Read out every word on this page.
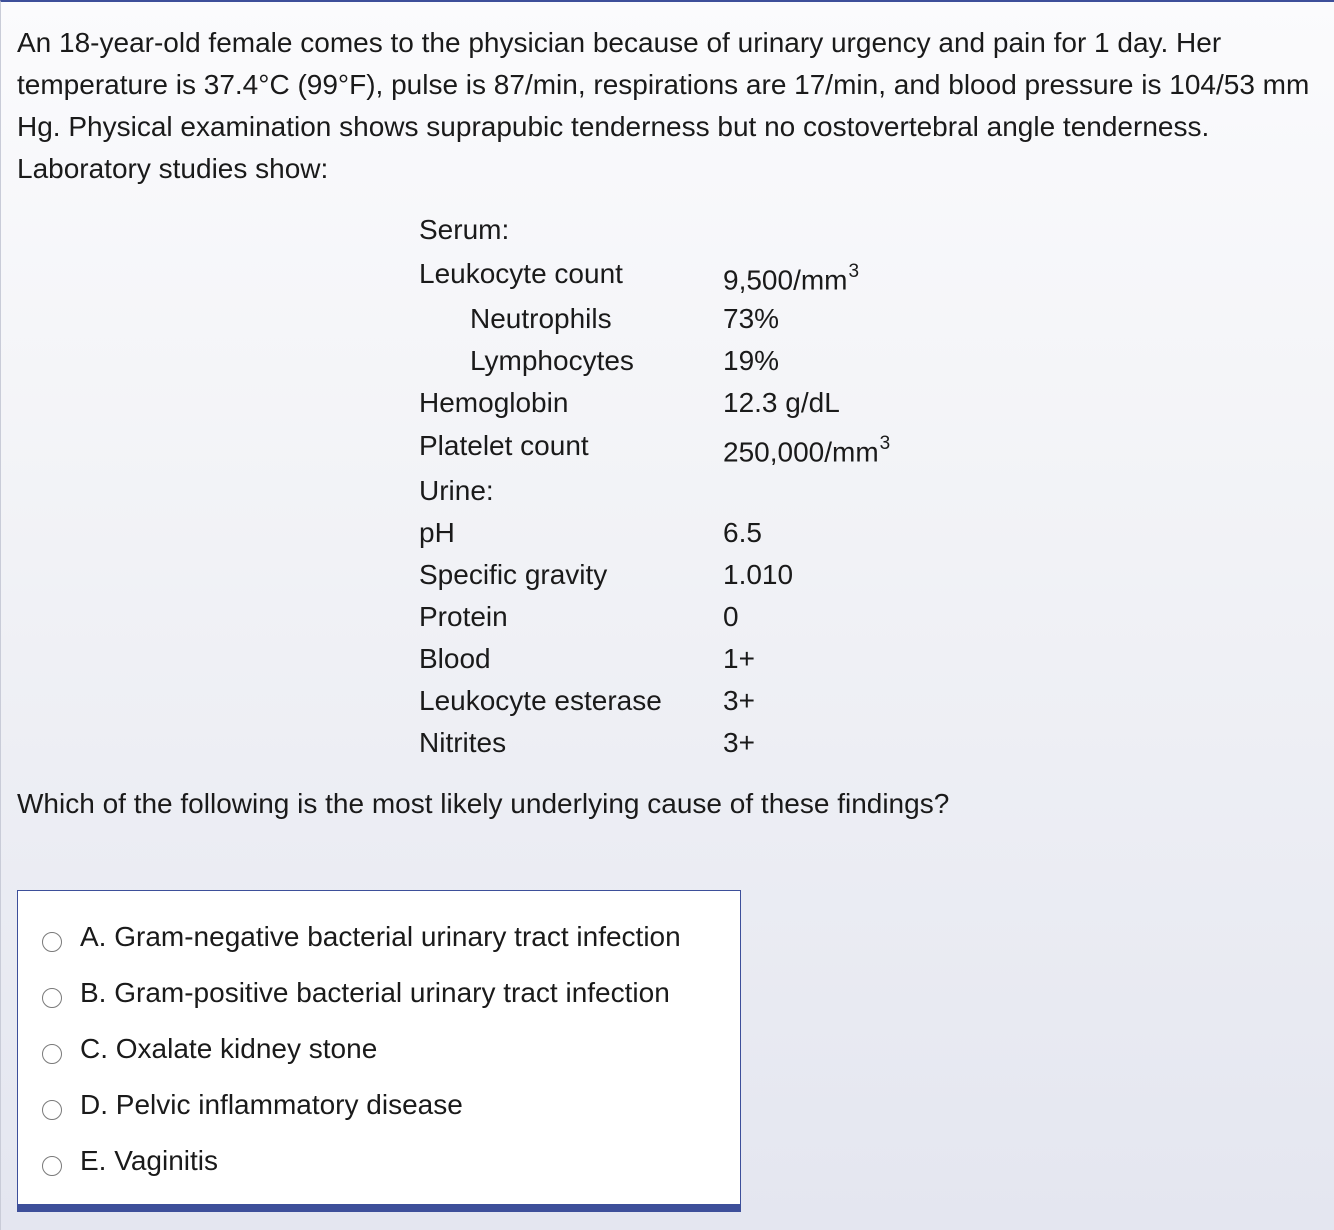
An 18-year-old female comes to the physician because of urinary urgency and pain for 1 day. Her temperature is 37.4°C (99°F), pulse is 87/min, respirations are 17/min, and blood pressure is 104/53 mm Hg. Physical examination shows suprapubic tenderness but no costovertebral angle tenderness. Laboratory studies show:

Serum:
Leukocyte count	$9,500/mm^3$
Neutrophils	73%
Lymphocytes	19%
Hemoglobin	12.3 g/dL
Platelet count	$250,000/mm^3$
Urine:
pH	6.5
Specific gravity	1.010
Protein	0
Blood	1+
Leukocyte esterase 3+
Nitrites	3+

Which of the following is the most likely underlying cause of these findings?

A. Gram-negative bacterial urinary tract infection
B. Gram-positive bacterial urinary tract infection
C. Oxalate kidney stone
D. Pelvic inflammatory disease
E. Vaginitis
